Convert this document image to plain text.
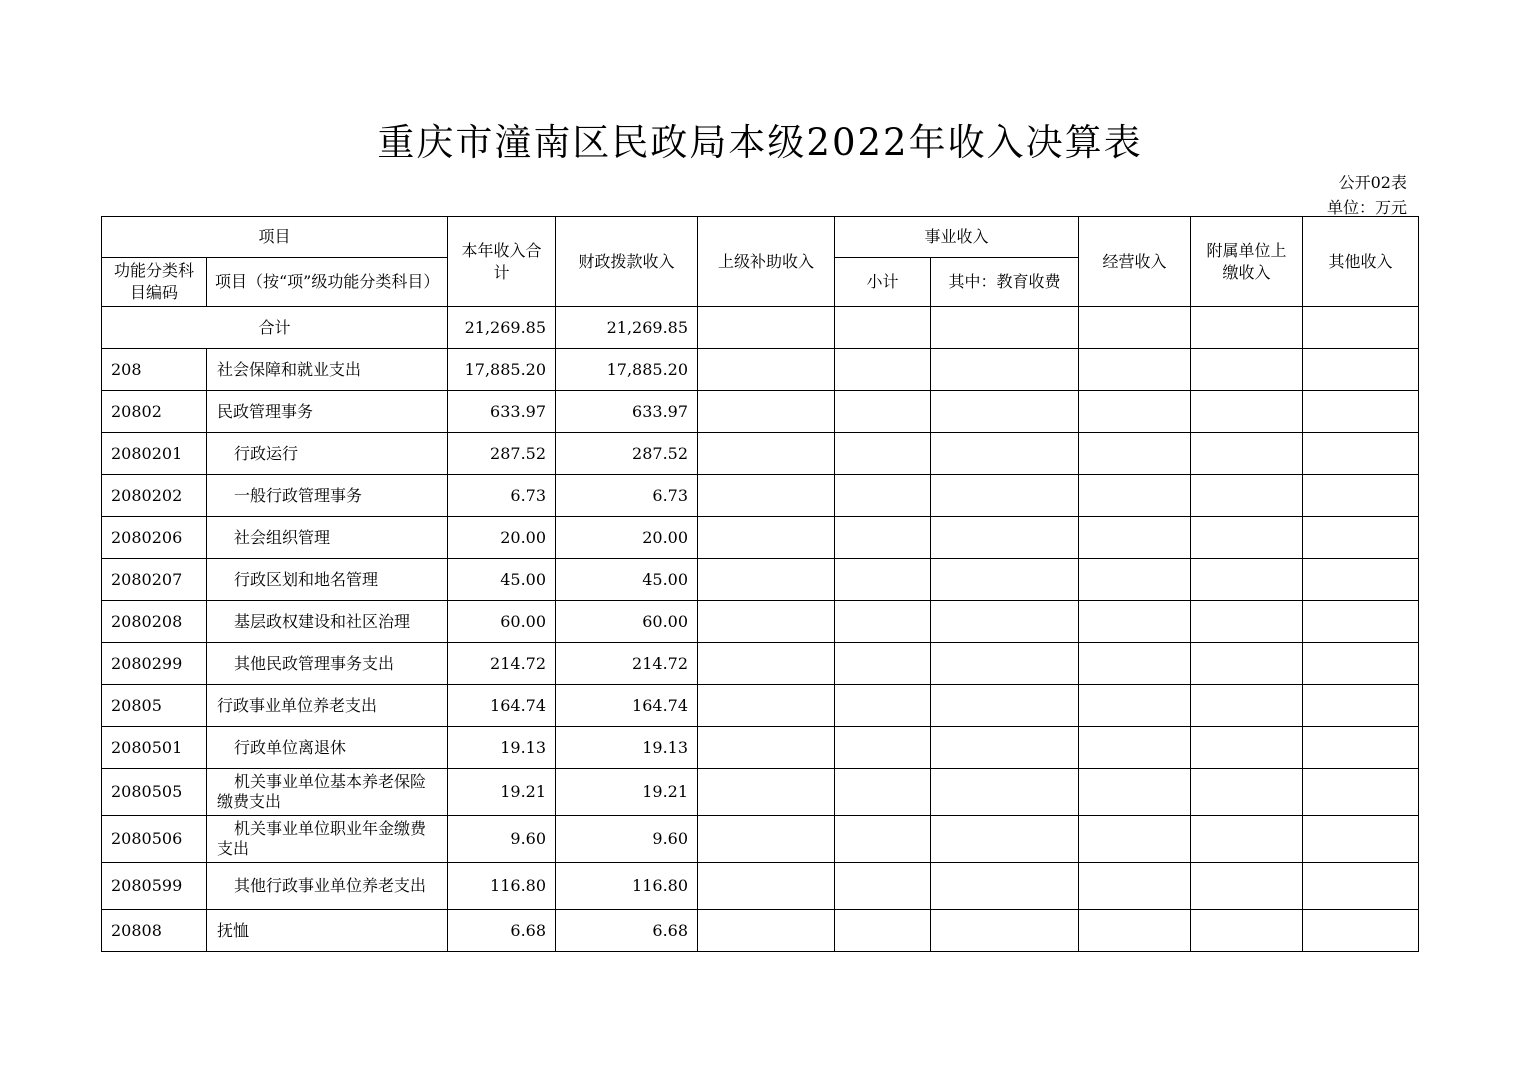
重庆市潼南区民政局本级2022年收入决算表
公开02表
单位：万元
项目		本年收入合计	财政拨款收入	上级补助收入	事业收入		经营收入	附属单位上缴收入	其他收入
功能分类科目编码	项目（按“项”级功能分类科目）				小计	其中：教育收费			
合计		21,269.85	21,269.85						
208	社会保障和就业支出	17,885.20	17,885.20						
20802	民政管理事务	633.97	633.97						
2080201	行政运行	287.52	287.52						
2080202	一般行政管理事务	6.73	6.73						
2080206	社会组织管理	20.00	20.00						
2080207	行政区划和地名管理	45.00	45.00						
2080208	基层政权建设和社区治理	60.00	60.00						
2080299	其他民政管理事务支出	214.72	214.72						
20805	行政事业单位养老支出	164.74	164.74						
2080501	行政单位离退休	19.13	19.13						
2080505	机关事业单位基本养老保险缴费支出	19.21	19.21						
2080506	机关事业单位职业年金缴费支出	9.60	9.60						
2080599	其他行政事业单位养老支出	116.80	116.80						
20808	抚恤	6.68	6.68						
